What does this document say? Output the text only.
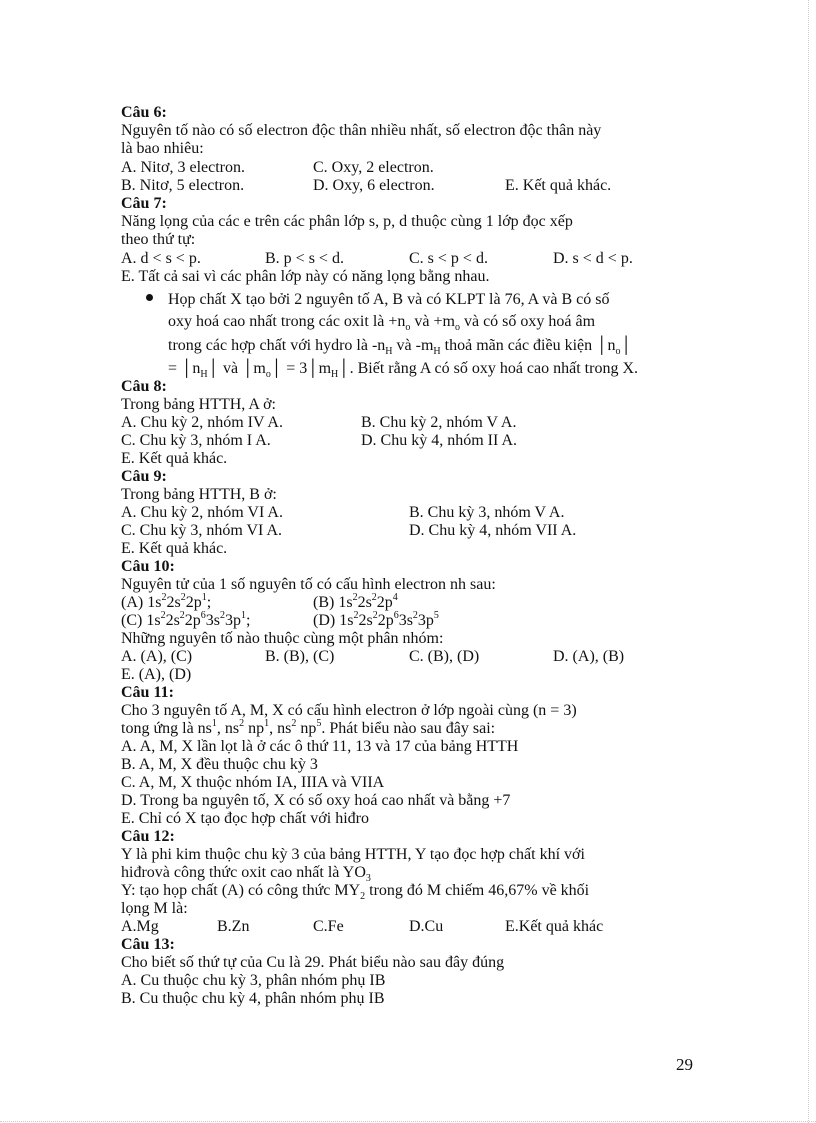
Câu 6:
Nguyên tố nào có số electron độc thân nhiều nhất, số electron độc thân này
là bao nhiêu:
A. Nitơ, 3 electron.	C. Oxy, 2 electron.
B. Nitơ, 5 electron.	D. Oxy, 6 electron.	E. Kết quả khác.
Câu 7:
Năng lọng của các e trên các phân lớp s, p, d thuộc cùng 1 lớp đọc xếp
theo thứ tự:
A. d < s < p.	B. p < s < d.	C. s < p < d.	D. s < d < p.
E. Tất cả sai vì các phân lớp này có năng lọng bằng nhau.
Họp chất X tạo bởi 2 nguyên tố A, B và có KLPT là 76, A và B có số
oxy hoá cao nhất trong các oxit là $+n_o$ và $+m_o$ và có số oxy hoá âm
trong các hợp chất với hydro là $-n_H$ và $-m_H$ thoả mãn các điều kiện $│n_o│$
= $│n_H│$ và $│m_o│$ = $3│m_H│$. Biết rằng A có số oxy hoá cao nhất trong X.
Câu 8:
Trong bảng HTTH, A ở:
A. Chu kỳ 2, nhóm IV A.	B. Chu kỳ 2, nhóm V A.
C. Chu kỳ 3, nhóm I A.	D. Chu kỳ 4, nhóm II A.
E. Kết quả khác.
Câu 9:
Trong bảng HTTH, B ở:
A. Chu kỳ 2, nhóm VI A.	B. Chu kỳ 3, nhóm V A.
C. Chu kỳ 3, nhóm VI A.	D. Chu kỳ 4, nhóm VII A.
E. Kết quả khác.
Câu 10:
Nguyên tử của 1 số nguyên tố có cấu hình electron nh sau:
(A) $1s^22s^22p^1$;	(B) $1s^22s^22p^4$
(C) $1s^22s^22p^63s^23p^1$;	(D) $1s^22s^22p^63s^23p^5$
Những nguyên tố nào thuộc cùng một phân nhóm:
A. (A), (C)	B. (B), (C)	C. (B), (D)	D. (A), (B)
E. (A), (D)
Câu 11:
Cho 3 nguyên tố A, M, X có cấu hình electron ở lớp ngoài cùng (n = 3)
tong ứng là $ns^1$, $ns^2$ $np^1$, $ns^2$ $np^5$. Phát biểu nào sau đây sai:
A. A, M, X lần lọt là ở các ô thứ 11, 13 và 17 của bảng HTTH
B. A, M, X đều thuộc chu kỳ 3
C. A, M, X thuộc nhóm IA, IIIA và VIIA
D. Trong ba nguyên tố, X có số oxy hoá cao nhất và bằng +7
E. Chỉ có X tạo đọc hợp chất với hiđro
Câu 12:
Y là phi kim thuộc chu kỳ 3 của bảng HTTH, Y tạo đọc hợp chất khí với
hiđrovà công thức oxit cao nhất là $YO_3$
Y: tạo họp chất (A) có công thức $MY_2$ trong đó M chiếm 46,67% về khối
lọng M là:
A.Mg	B.Zn	C.Fe	D.Cu	E.Kết quả khác
Câu 13:
Cho biết số thứ tự của Cu là 29. Phát biểu nào sau đây đúng
A. Cu thuộc chu kỳ 3, phân nhóm phụ IB
B. Cu thuộc chu kỳ 4, phân nhóm phụ IB
29
